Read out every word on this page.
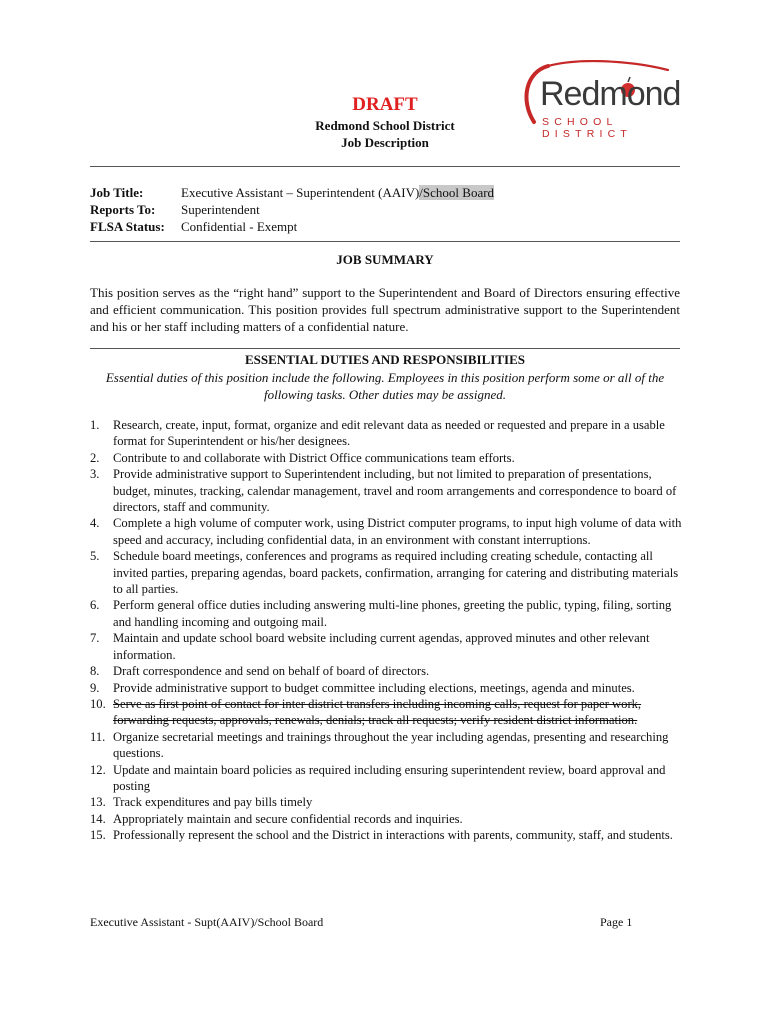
Redmond
SCHOOL DISTRICT
DRAFT
Redmond School District
Job Description
Job Title:	Executive Assistant – Superintendent (AAIV)/School Board
Reports To: Superintendent
FLSA Status: Confidential - Exempt
JOB SUMMARY
This position serves as the “right hand” support to the Superintendent and Board of Directors ensuring effective and efficient communication. This position provides full spectrum administrative support to the Superintendent and his or her staff including matters of a confidential nature.
ESSENTIAL DUTIES AND RESPONSIBILITIES
Essential duties of this position include the following. Employees in this position perform some or all of the following tasks. Other duties may be assigned.
1. Research, create, input, format, organize and edit relevant data as needed or requested and prepare in a usable format for Superintendent or his/her designees.
2. Contribute to and collaborate with District Office communications team efforts.
3. Provide administrative support to Superintendent including, but not limited to preparation of presentations, budget, minutes, tracking, calendar management, travel and room arrangements and correspondence to board of directors, staff and community.
4. Complete a high volume of computer work, using District computer programs, to input high volume of data with speed and accuracy, including confidential data, in an environment with constant interruptions.
5. Schedule board meetings, conferences and programs as required including creating schedule, contacting all invited parties, preparing agendas, board packets, confirmation, arranging for catering and distributing materials to all parties.
6. Perform general office duties including answering multi-line phones, greeting the public, typing, filing, sorting and handling incoming and outgoing mail.
7. Maintain and update school board website including current agendas, approved minutes and other relevant information.
8. Draft correspondence and send on behalf of board of directors.
9. Provide administrative support to budget committee including elections, meetings, agenda and minutes.
10. Serve as first point of contact for inter district transfers including incoming calls, request for paper work, forwarding requests, approvals, renewals, denials; track all requests; verify resident district information.
11. Organize secretarial meetings and trainings throughout the year including agendas, presenting and researching questions.
12. Update and maintain board policies as required including ensuring superintendent review, board approval and posting
13. Track expenditures and pay bills timely
14. Appropriately maintain and secure confidential records and inquiries.
15. Professionally represent the school and the District in interactions with parents, community, staff, and students.
Executive Assistant - Supt(AAIV)/School Board	Page 1
